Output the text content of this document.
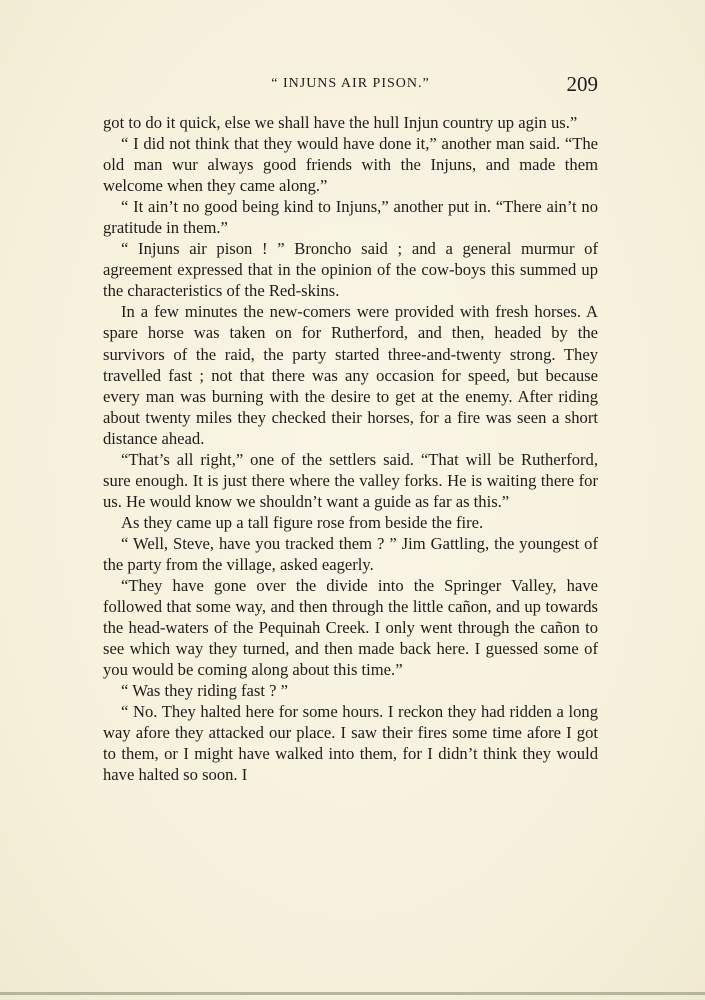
“ INJUNS AIR PISON.”	209

got to do it quick, else we shall have the hull Injun country up agin us.”

“ I did not think that they would have done it,” another man said. “The old man wur always good friends with the Injuns, and made them welcome when they came along.”

“ It ain’t no good being kind to Injuns,” another put in. “There ain’t no gratitude in them.”

“ Injuns air pison ! ” Broncho said ; and a general murmur of agreement expressed that in the opinion of the cow-boys this summed up the characteristics of the Red-skins.

In a few minutes the new-comers were provided with fresh horses. A spare horse was taken on for Rutherford, and then, headed by the survivors of the raid, the party started three-and-twenty strong. They travelled fast ; not that there was any occasion for speed, but because every man was burning with the desire to get at the enemy. After riding about twenty miles they checked their horses, for a fire was seen a short distance ahead.

“That’s all right,” one of the settlers said. “That will be Rutherford, sure enough. It is just there where the valley forks. He is waiting there for us. He would know we shouldn’t want a guide as far as this.”

As they came up a tall figure rose from beside the fire.

“ Well, Steve, have you tracked them ? ” Jim Gattling, the youngest of the party from the village, asked eagerly.

“They have gone over the divide into the Springer Valley, have followed that some way, and then through the little cañon, and up towards the head-waters of the Pequinah Creek. I only went through the cañon to see which way they turned, and then made back here. I guessed some of you would be coming along about this time.”

“ Was they riding fast ? ”

“ No. They halted here for some hours. I reckon they had ridden a long way afore they attacked our place. I saw their fires some time afore I got to them, or I might have walked into them, for I didn’t think they would have halted so soon. I
